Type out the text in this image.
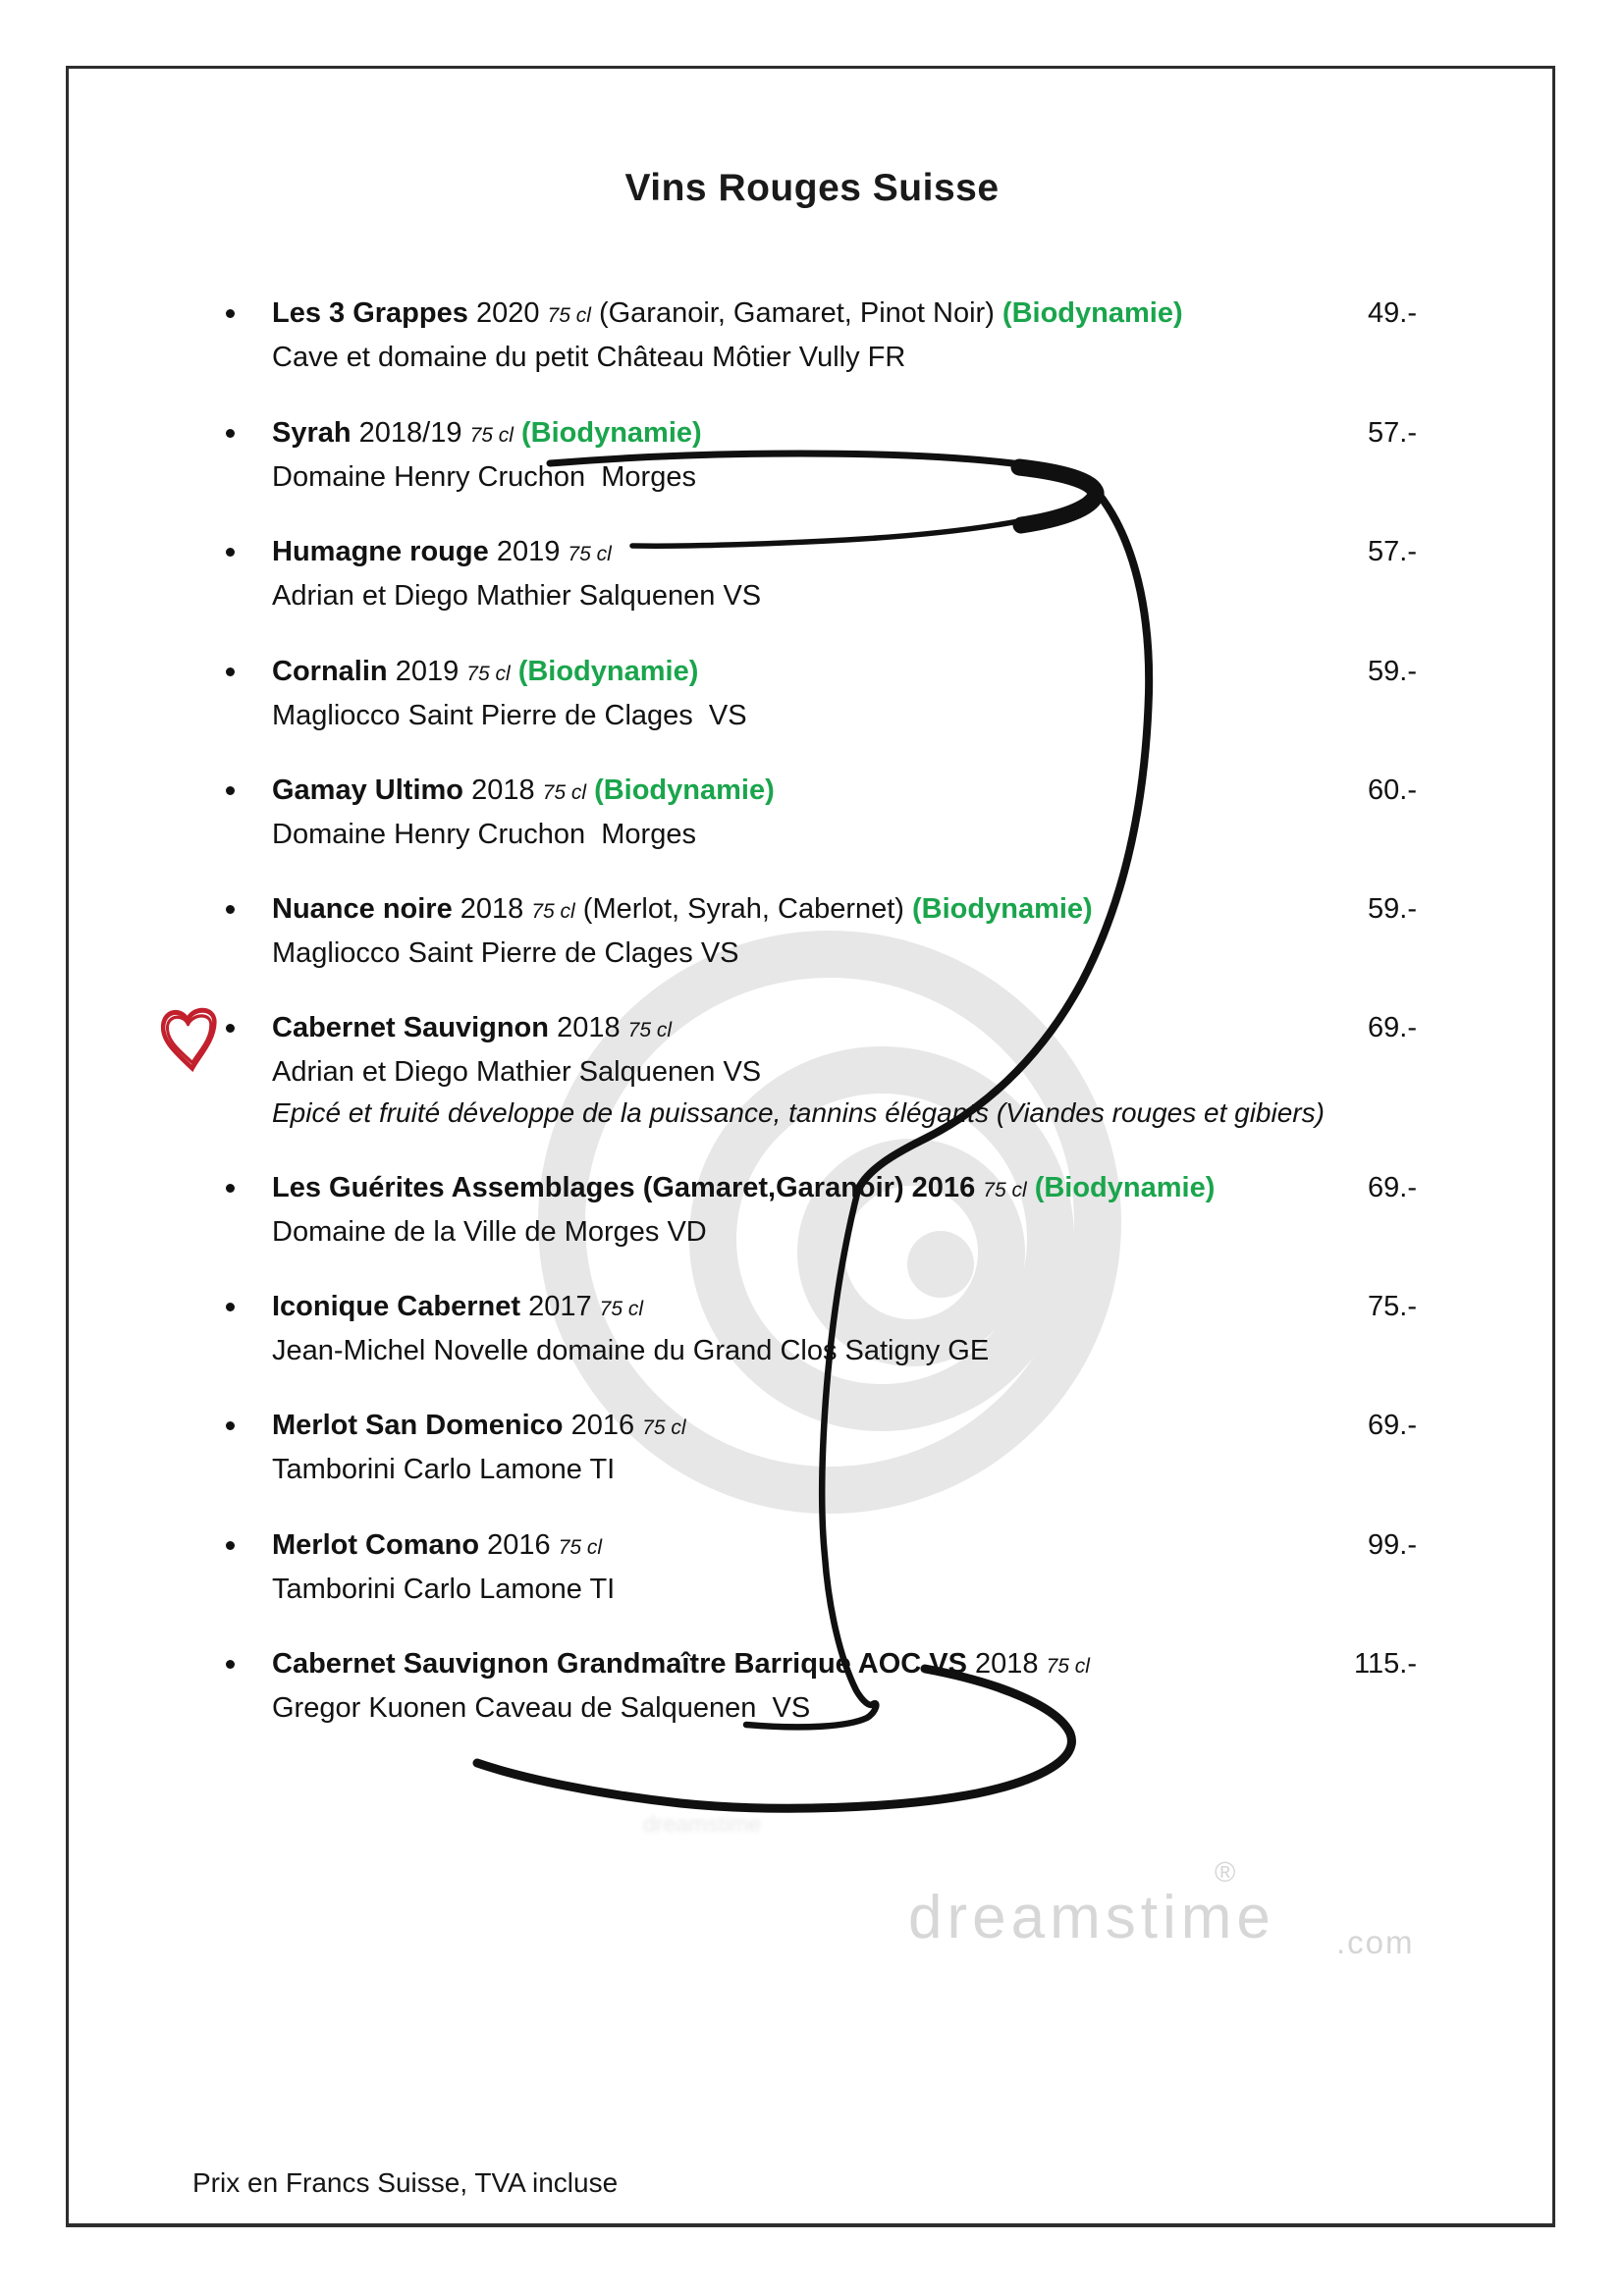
Vins Rouges Suisse
Les 3 Grappes 2020 75 cl (Garanoir, Gamaret, Pinot Noir) (Biodynamie)
Cave et domaine du petit Château Môtier Vully FR
49.-
Syrah 2018/19 75 cl (Biodynamie)
Domaine Henry Cruchon  Morges
57.-
Humagne rouge 2019 75 cl
Adrian et Diego Mathier Salquenen VS
57.-
Cornalin 2019 75 cl (Biodynamie)
Magliocco Saint Pierre de Clages  VS
59.-
Gamay Ultimo 2018 75 cl (Biodynamie)
Domaine Henry Cruchon  Morges
60.-
Nuance noire 2018 75 cl (Merlot, Syrah, Cabernet) (Biodynamie)
Magliocco Saint Pierre de Clages VS
59.-
Cabernet Sauvignon 2018 75 cl
Adrian et Diego Mathier Salquenen VS
Epicé et fruité développe de la puissance, tannins élégants (Viandes rouges et gibiers)
69.-
Les Guérites Assemblages (Gamaret,Garanoir) 2016 75 cl (Biodynamie)
Domaine de la Ville de Morges VD
69.-
Iconique Cabernet 2017 75 cl
Jean-Michel Novelle domaine du Grand Clos Satigny GE
75.-
Merlot San Domenico 2016 75 cl
Tamborini Carlo Lamone TI
69.-
Merlot Comano 2016 75 cl
Tamborini Carlo Lamone TI
99.-
Cabernet Sauvignon Grandmaître Barrique AOC VS 2018 75 cl
Gregor Kuonen Caveau de Salquenen  VS
115.-
Prix en Francs Suisse, TVA incluse
dreamstime
dreamstime
®
.com
